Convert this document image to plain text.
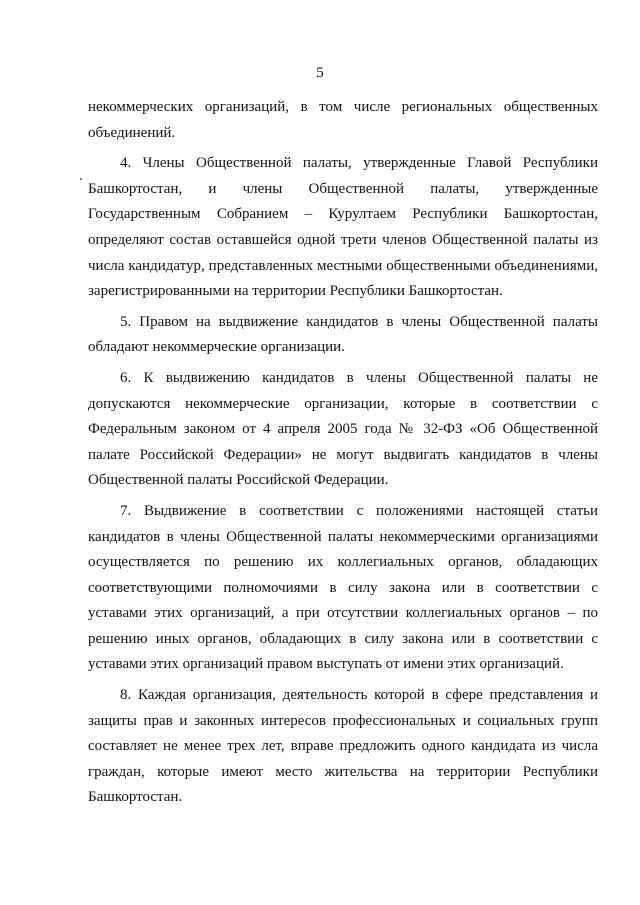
5

некоммерческих организаций, в том числе региональных общественных объединений.

4. Члены Общественной палаты, утвержденные Главой Республики Башкортостан, и члены Общественной палаты, утвержденные Государственным Собранием – Курултаем Республики Башкортостан, определяют состав оставшейся одной трети членов Общественной палаты из числа кандидатур, представленных местными общественными объединениями, зарегистрированными на территории Республики Башкортостан.

5. Правом на выдвижение кандидатов в члены Общественной палаты обладают некоммерческие организации.

6. К выдвижению кандидатов в члены Общественной палаты не допускаются некоммерческие организации, которые в соответствии с Федеральным законом от 4 апреля 2005 года № 32-ФЗ «Об Общественной палате Российской Федерации» не могут выдвигать кандидатов в члены Общественной палаты Российской Федерации.

7. Выдвижение в соответствии с положениями настоящей статьи кандидатов в члены Общественной палаты некоммерческими организациями осуществляется по решению их коллегиальных органов, обладающих соответствующими полномочиями в силу закона или в соответствии с уставами этих организаций, а при отсутствии коллегиальных органов – по решению иных органов, обладающих в силу закона или в соответствии с уставами этих организаций правом выступать от имени этих организаций.

8. Каждая организация, деятельность которой в сфере представления и защиты прав и законных интересов профессиональных и социальных групп составляет не менее трех лет, вправе предложить одного кандидата из числа граждан, которые имеют место жительства на территории Республики Башкортостан.
